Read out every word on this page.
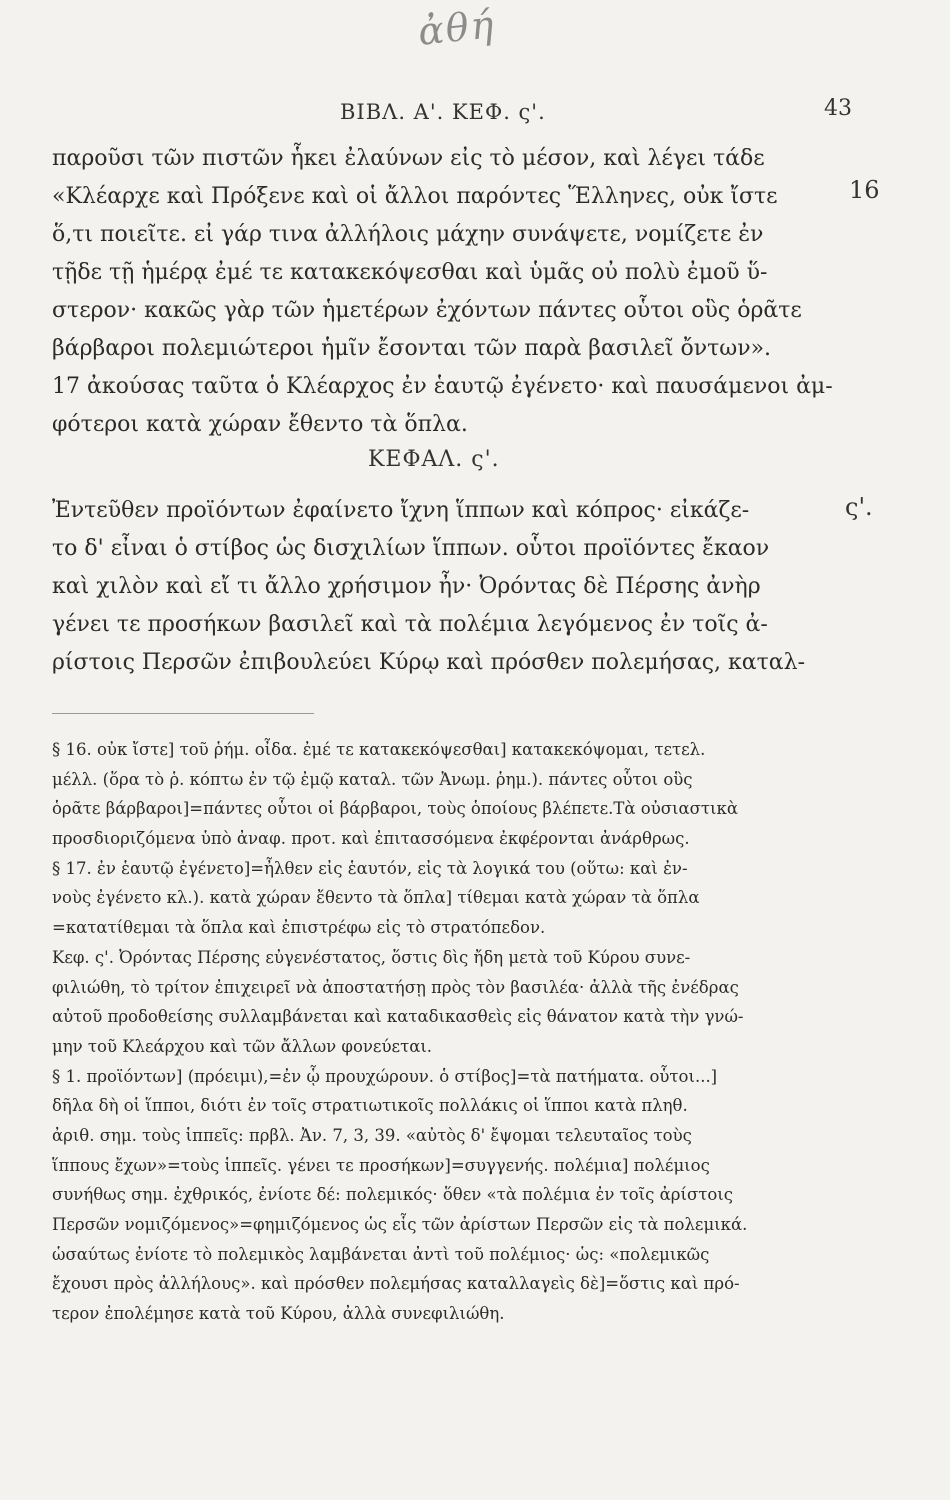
ἀθή
​
ΒΙΒΛ. Α'. ΚΕΦ. ς'.	43
16
ς'.
παροῦσι τῶν πιστῶν ἧκει ἐλαύνων εἰς τὸ μέσον, καὶ λέγει τάδε
«Κλέαρχε καὶ Πρόξενε καὶ οἱ ἄλλοι παρόντες Ἕλληνες, οὐκ ἴστε
ὅ,τι ποιεῖτε. εἰ γάρ τινα ἀλλήλοις μάχην συνάψετε, νομίζετε ἐν
τῇδε τῇ ἡμέρᾳ ἐμέ τε κατακεκόψεσθαι καὶ ὑμᾶς οὐ πολὺ ἐμοῦ ὕ-
στερον· κακῶς γὰρ τῶν ἡμετέρων ἐχόντων πάντες οὗτοι οὓς ὁρᾶτε
βάρβαροι πολεμιώτεροι ἡμῖν ἔσονται τῶν παρὰ βασιλεῖ ὄντων».
17 ἀκούσας ταῦτα ὁ Κλέαρχος ἐν ἑαυτῷ ἐγένετο· καὶ παυσάμενοι ἀμ-
φότεροι κατὰ χώραν ἔθεντο τὰ ὅπλα.
ΚΕΦΑΛ. ς'.
Ἐντεῦθεν προϊόντων ἐφαίνετο ἴχνη ἵππων καὶ κόπρος· εἰκάζε-
το δ' εἶναι ὁ στίβος ὡς δισχιλίων ἵππων. οὗτοι προϊόντες ἔκαον
καὶ χιλὸν καὶ εἴ τι ἄλλο χρήσιμον ἦν· Ὀρόντας δὲ Πέρσης ἀνὴρ
γένει τε προσήκων βασιλεῖ καὶ τὰ πολέμια λεγόμενος ἐν τοῖς ἀ-
ρίστοις Περσῶν ἐπιβουλεύει Κύρῳ καὶ πρόσθεν πολεμήσας, καταλ-
§ 16. οὐκ ἴστε] τοῦ ῥήμ. οἶδα. ἐμέ τε κατακεκόψεσθαι] κατακεκόψομαι, τετελ.
μέλλ. (ὅρα τὸ ῥ. κόπτω ἐν τῷ ἐμῷ καταλ. τῶν Ἀνωμ. ῥημ.). πάντες οὗτοι οὓς
ὁρᾶτε βάρβαροι]=πάντες οὗτοι οἱ βάρβαροι, τοὺς ὁποίους βλέπετε.Τὰ οὐσιαστικὰ
προσδιοριζόμενα ὑπὸ ἀναφ. προτ. καὶ ἐπιτασσόμενα ἐκφέρονται ἀνάρθρως.
§ 17. ἐν ἑαυτῷ ἐγένετο]=ἦλθεν εἰς ἑαυτόν, εἰς τὰ λογικά του (οὕτω: καὶ ἐν-
νοὺς ἐγένετο κλ.). κατὰ χώραν ἔθεντο τὰ ὅπλα] τίθεμαι κατὰ χώραν τὰ ὅπλα
=κατατίθεμαι τὰ ὅπλα καὶ ἐπιστρέφω εἰς τὸ στρατόπεδον.
Κεφ. ς'. Ὀρόντας Πέρσης εὐγενέστατος, ὅστις δὶς ἤδη μετὰ τοῦ Κύρου συνε-
φιλιώθη, τὸ τρίτον ἐπιχειρεῖ νὰ ἀποστατήσῃ πρὸς τὸν βασιλέα· ἀλλὰ τῆς ἐνέδρας
αὐτοῦ προδοθείσης συλλαμβάνεται καὶ καταδικασθεὶς εἰς θάνατον κατὰ τὴν γνώ-
μην τοῦ Κλεάρχου καὶ τῶν ἄλλων φονεύεται.
§ 1. προϊόντων] (πρόειμι),=ἐν ᾧ προυχώρουν. ὁ στίβος]=τὰ πατήματα. οὗτοι...]
δῆλα δὴ οἱ ἵπποι, διότι ἐν τοῖς στρατιωτικοῖς πολλάκις οἱ ἵπποι κατὰ πληθ.
ἀριθ. σημ. τοὺς ἱππεῖς: πρβλ. Ἀν. 7, 3, 39. «αὐτὸς δ' ἔψομαι τελευταῖος τοὺς
ἵππους ἔχων»=τοὺς ἱππεῖς. γένει τε προσήκων]=συγγενής. πολέμια] πολέμιος
συνήθως σημ. ἐχθρικός, ἐνίοτε δέ: πολεμικός· ὅθεν «τὰ πολέμια ἐν τοῖς ἀρίστοις
Περσῶν νομιζόμενος»=φημιζόμενος ὡς εἷς τῶν ἀρίστων Περσῶν εἰς τὰ πολεμικά.
ὡσαύτως ἐνίοτε τὸ πολεμικὸς λαμβάνεται ἀντὶ τοῦ πολέμιος· ὡς: «πολεμικῶς
ἔχουσι πρὸς ἀλλήλους». καὶ πρόσθεν πολεμήσας καταλλαγεὶς δὲ]=ὅστις καὶ πρό-
τερον ἐπολέμησε κατὰ τοῦ Κύρου, ἀλλὰ συνεφιλιώθη.
